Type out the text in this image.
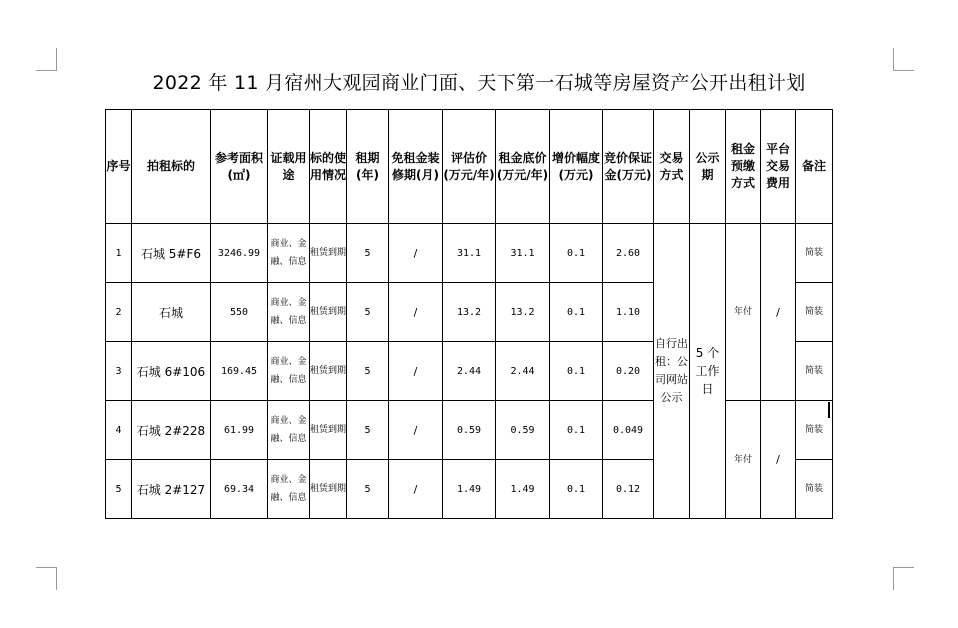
2022 年 11 月宿州大观园商业门面、天下第一石城等房屋资产公开出租计划
序号	拍租标的	参考面积(㎡)	证载用途	标的使用情况	租期(年)	免租金装修期(月)	评估价(万元/年)	租金底价(万元/年)	增价幅度(万元)	竞价保证金(万元)	交易方式	公示期	租金预缴方式	平台交易费用	备注
1	石城 5#F6	3246.99	商业、金融、信息	租赁到期	5	/	31.1	31.1	0.1	2.60	自行出租：公司网站公示	5 个工作日	年付	/	简装
2	石城	550	商业、金融、信息	租赁到期	5	/	13.2	13.2	0.1	1.10					简装
3	石城 6#106	169.45	商业、金融、信息	租赁到期	5	/	2.44	2.44	0.1	0.20					简装
4	石城 2#228	61.99	商业、金融、信息	租赁到期	5	/	0.59	0.59	0.1	0.049			年付	/	简装
5	石城 2#127	69.34	商业、金融、信息	租赁到期	5	/	1.49	1.49	0.1	0.12					简装
